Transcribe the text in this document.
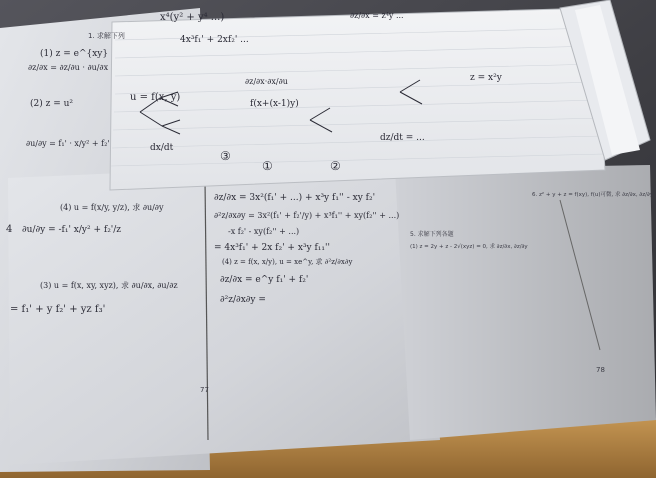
1. 求解下列
(1) z = e^{xy}
∂z/∂x = ∂z/∂u · ∂u/∂x
(2) z = u²
∂u/∂y = f₁' · x/y² + f₂'
(4) u = f(x/y, y/z), 求 ∂u/∂y
∂u/∂y = -f₁' x/y² + f₂'/z
(3) u = f(x, xy, xyz), 求 ∂u/∂x, ∂u/∂z
= f₁' + y f₂' + yz f₃'
∂z/∂x = 3x²(f₁' + ...) + x³y f₁'' - xy f₂'
∂²z/∂x∂y = 3x²(f₁' + f₂'/y) + x³f₁'' + xy(f₂'' + ...)
-x f₂' - xy(f₂'' + ...)
= 4x³f₁' + 2x f₂' + x³y f₁₁''
(4) z = f(x, x/y), u = xe^y, 求 ∂²z/∂x∂y
∂z/∂x = e^y f₁' + f₂'
∂²z/∂x∂y =
77
6. z² + y + z = f(xy), f(u)可微, 求 ∂z/∂x, ∂z/∂y
5. 求解下列各题
(1) z = 2y + z - 2√(xyz) = 0, 求 ∂z/∂x, ∂z/∂y
78
x⁴(y² + y⁴ ...)
4x³f₁' + 2xf₂' ...
∂z/∂x = z⁴y ...
u = f(x, y)
∂z/∂x·∂x/∂u
f(x+(x-1)y)
dz/dt = ...
z = x²y
dx/dt
①	②
③
4
